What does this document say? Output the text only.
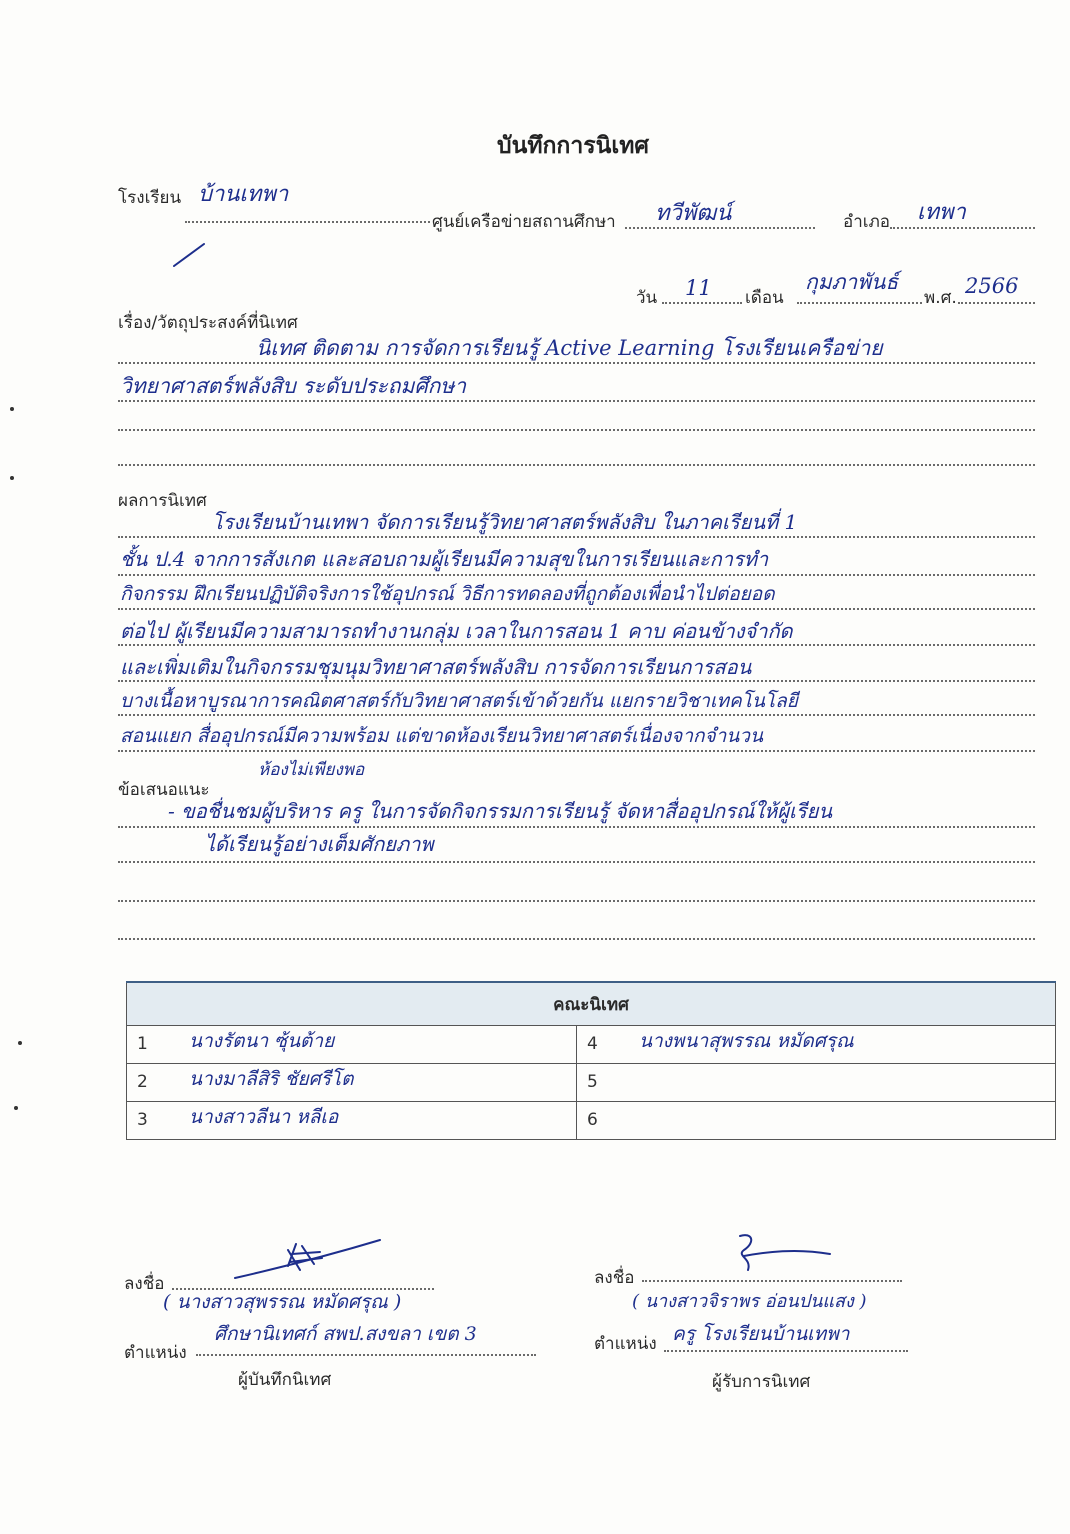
บันทึกการนิเทศ
โรงเรียน บ้านเทพา
ศูนย์เครือข่ายสถานศึกษา ทวีพัฒน์	อำเภอ เทพา
วัน 11 เดือน
กุมภาพันธ์
พ.ศ. 2566
เรื่อง/วัตถุประสงค์ที่นิเทศ
นิเทศ ติดตาม การจัดการเรียนรู้ Active Learning โรงเรียนเครือข่าย
วิทยาศาสตร์พลังสิบ ระดับประถมศึกษา
ผลการนิเทศ
โรงเรียนบ้านเทพา จัดการเรียนรู้วิทยาศาสตร์พลังสิบ ในภาคเรียนที่ 1
ชั้น ป.4 จากการสังเกต และสอบถามผู้เรียนมีความสุขในการเรียนและการทำ
กิจกรรม ฝึกเรียนปฏิบัติจริงการใช้อุปกรณ์ วิธีการทดลองที่ถูกต้องเพื่อนำไปต่อยอด
ต่อไป ผู้เรียนมีความสามารถทำงานกลุ่ม เวลาในการสอน 1 คาบ ค่อนข้างจำกัด
และเพิ่มเติมในกิจกรรมชุมนุมวิทยาศาสตร์พลังสิบ การจัดการเรียนการสอน
บางเนื้อหาบูรณาการคณิตศาสตร์กับวิทยาศาสตร์เข้าด้วยกัน แยกรายวิชาเทคโนโลยี
สอนแยก สื่ออุปกรณ์มีความพร้อม แต่ขาดห้องเรียนวิทยาศาสตร์เนื่องจากจำนวน
ห้องไม่เพียงพอ
ข้อเสนอแนะ
- ขอชื่นชมผู้บริหาร ครู ในการจัดกิจกรรมการเรียนรู้ จัดหาสื่ออุปกรณ์ให้ผู้เรียน
ได้เรียนรู้อย่างเต็มศักยภาพ
คณะนิเทศ	

1 นางรัตนา ซุ้นต้าย	4 นางพนาสุพรรณ หมัดศรุณ

2 นางมาลีสิริ ชัยศรีโต	5

3 นางสาวลีนา หลีเอ	6
ลงชื่อ
( นางสาวสุพรรณ หมัดศรุณ )
ตำแหน่ง
ศึกษานิเทศก์ สพป.สงขลา เขต 3
ผู้บันทึกนิเทศ
ลงชื่อ
( นางสาวจิราพร อ่อนปนแสง )
ตำแหน่ง ครู โรงเรียนบ้านเทพา
ผู้รับการนิเทศ
